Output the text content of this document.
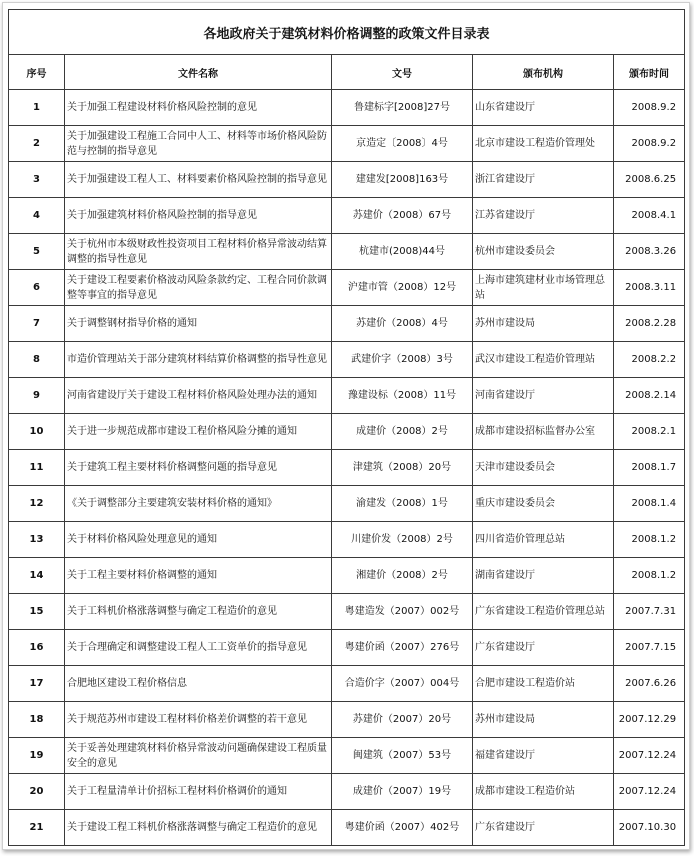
各地政府关于建筑材料价格调整的政策文件目录表				
序号	文件名称	文号	颁布机构	颁布时间
1	关于加强工程建设材料价格风险控制的意见	鲁建标字[2008]27号	山东省建设厅	2008.9.2
2	关于加强建设工程施工合同中人工、材料等市场价格风险防范与控制的指导意见	京造定〔2008〕4号	北京市建设工程造价管理处	2008.9.2
3	关于加强建设工程人工、材料要素价格风险控制的指导意见	建建发[2008]163号	浙江省建设厅	2008.6.25
4	关于加强建筑材料价格风险控制的指导意见	苏建价（2008）67号	江苏省建设厅	2008.4.1
5	关于杭州市本级财政性投资项目工程材料价格异常波动结算调整的指导性意见	杭建市(2008)44号	杭州市建设委员会	2008.3.26
6	关于建设工程要素价格波动风险条款约定、工程合同价款调整等事宜的指导意见	沪建市管（2008）12号	上海市建筑建材业市场管理总站	2008.3.11
7	关于调整钢材指导价格的通知	苏建价（2008）4号	苏州市建设局	2008.2.28
8	市造价管理站关于部分建筑材料结算价格调整的指导性意见	武建价字（2008）3号	武汉市建设工程造价管理站	2008.2.2
9	河南省建设厅关于建设工程材料价格风险处理办法的通知	豫建设标（2008）11号	河南省建设厅	2008.2.14
10	关于进一步规范成都市建设工程价格风险分摊的通知	成建价（2008）2号	成都市建设招标监督办公室	2008.2.1
11	关于建筑工程主要材料价格调整问题的指导意见	津建筑（2008）20号	天津市建设委员会	2008.1.7
12	《关于调整部分主要建筑安装材料价格的通知》	渝建发（2008）1号	重庆市建设委员会	2008.1.4
13	关于材料价格风险处理意见的通知	川建价发（2008）2号	四川省造价管理总站	2008.1.2
14	关于工程主要材料价格调整的通知	湘建价（2008）2号	湖南省建设厅	2008.1.2
15	关于工料机价格涨落调整与确定工程造价的意见	粤建造发（2007）002号	广东省建设工程造价管理总站	2007.7.31
16	关于合理确定和调整建设工程人工工资单价的指导意见	粤建价函（2007）276号	广东省建设厅	2007.7.15
17	合肥地区建设工程价格信息	合造价字（2007）004号	合肥市建设工程造价站	2007.6.26
18	关于规范苏州市建设工程材料价格差价调整的若干意见	苏建价（2007）20号	苏州市建设局	2007.12.29
19	关于妥善处理建筑材料价格异常波动问题确保建设工程质量安全的意见	闽建筑（2007）53号	福建省建设厅	2007.12.24
20	关于工程量清单计价招标工程材料价格调价的通知	成建价（2007）19号	成都市建设工程造价站	2007.12.24
21	关于建设工程工料机价格涨落调整与确定工程造价的意见	粤建价函（2007）402号	广东省建设厅	2007.10.30
